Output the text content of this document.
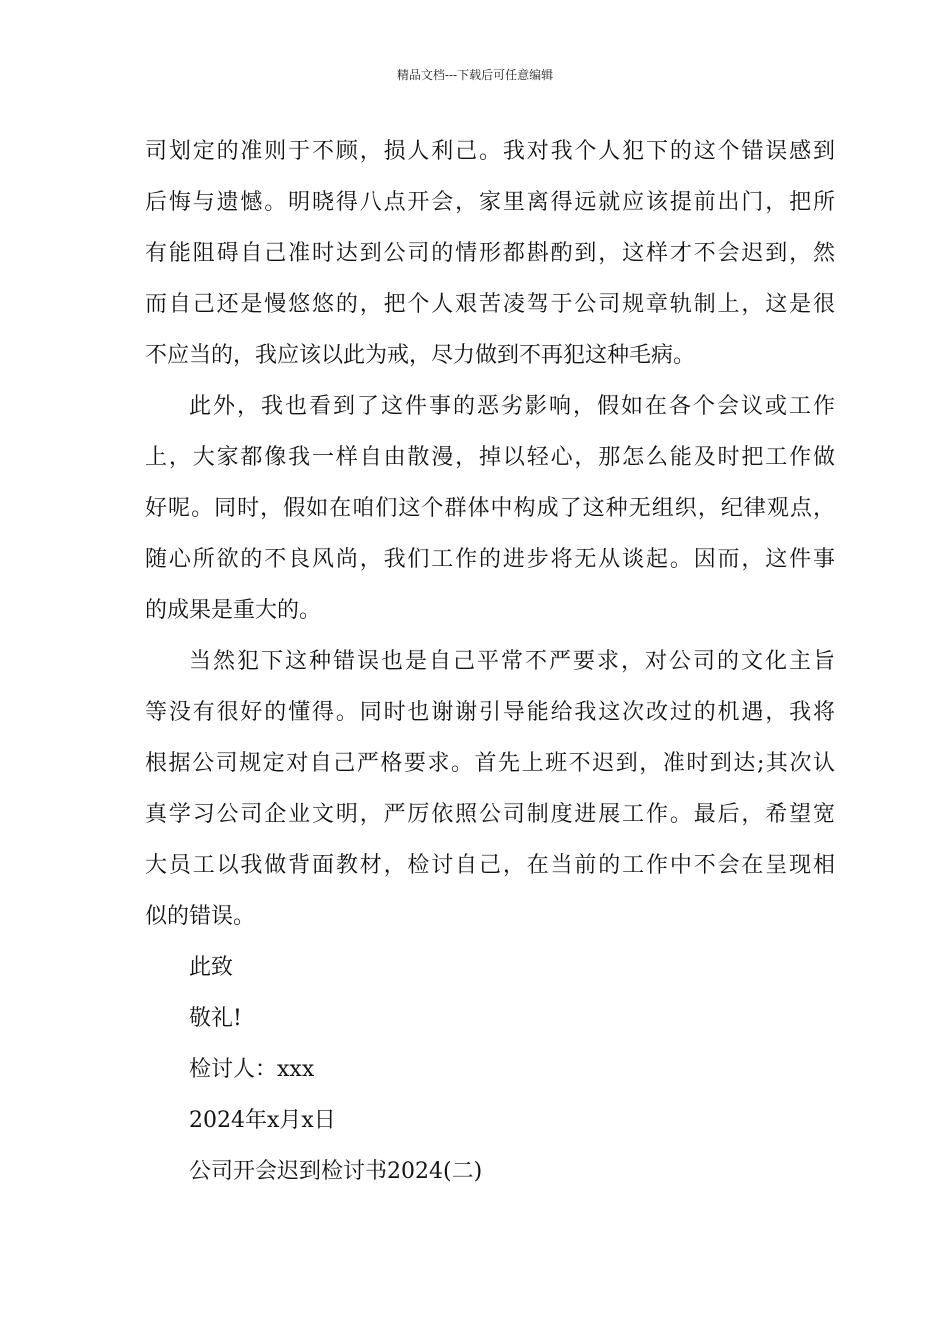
精品文档---下载后可任意编辑
司划定的准则于不顾，损人利己。我对我个人犯下的这个错误感到
后悔与遗憾。明晓得八点开会，家里离得远就应该提前出门，把所
有能阻碍自己准时达到公司的情形都斟酌到，这样才不会迟到，然
而自己还是慢悠悠的，把个人艰苦凌驾于公司规章轨制上，这是很
不应当的，我应该以此为戒，尽力做到不再犯这种毛病。
此外，我也看到了这件事的恶劣影响，假如在各个会议或工作
上，大家都像我一样自由散漫，掉以轻心，那怎么能及时把工作做
好呢。同时，假如在咱们这个群体中构成了这种无组织，纪律观点，
随心所欲的不良风尚，我们工作的进步将无从谈起。因而，这件事
的成果是重大的。
当然犯下这种错误也是自己平常不严要求，对公司的文化主旨
等没有很好的懂得。同时也谢谢引导能给我这次改过的机遇，我将
根据公司规定对自己严格要求。首先上班不迟到，准时到达;其次认
真学习公司企业文明，严厉依照公司制度进展工作。最后，希望宽
大员工以我做背面教材，检讨自己，在当前的工作中不会在呈现相
似的错误。
此致
敬礼!
检讨人：xxx
2024年x月x日
公司开会迟到检讨书2024(二)
